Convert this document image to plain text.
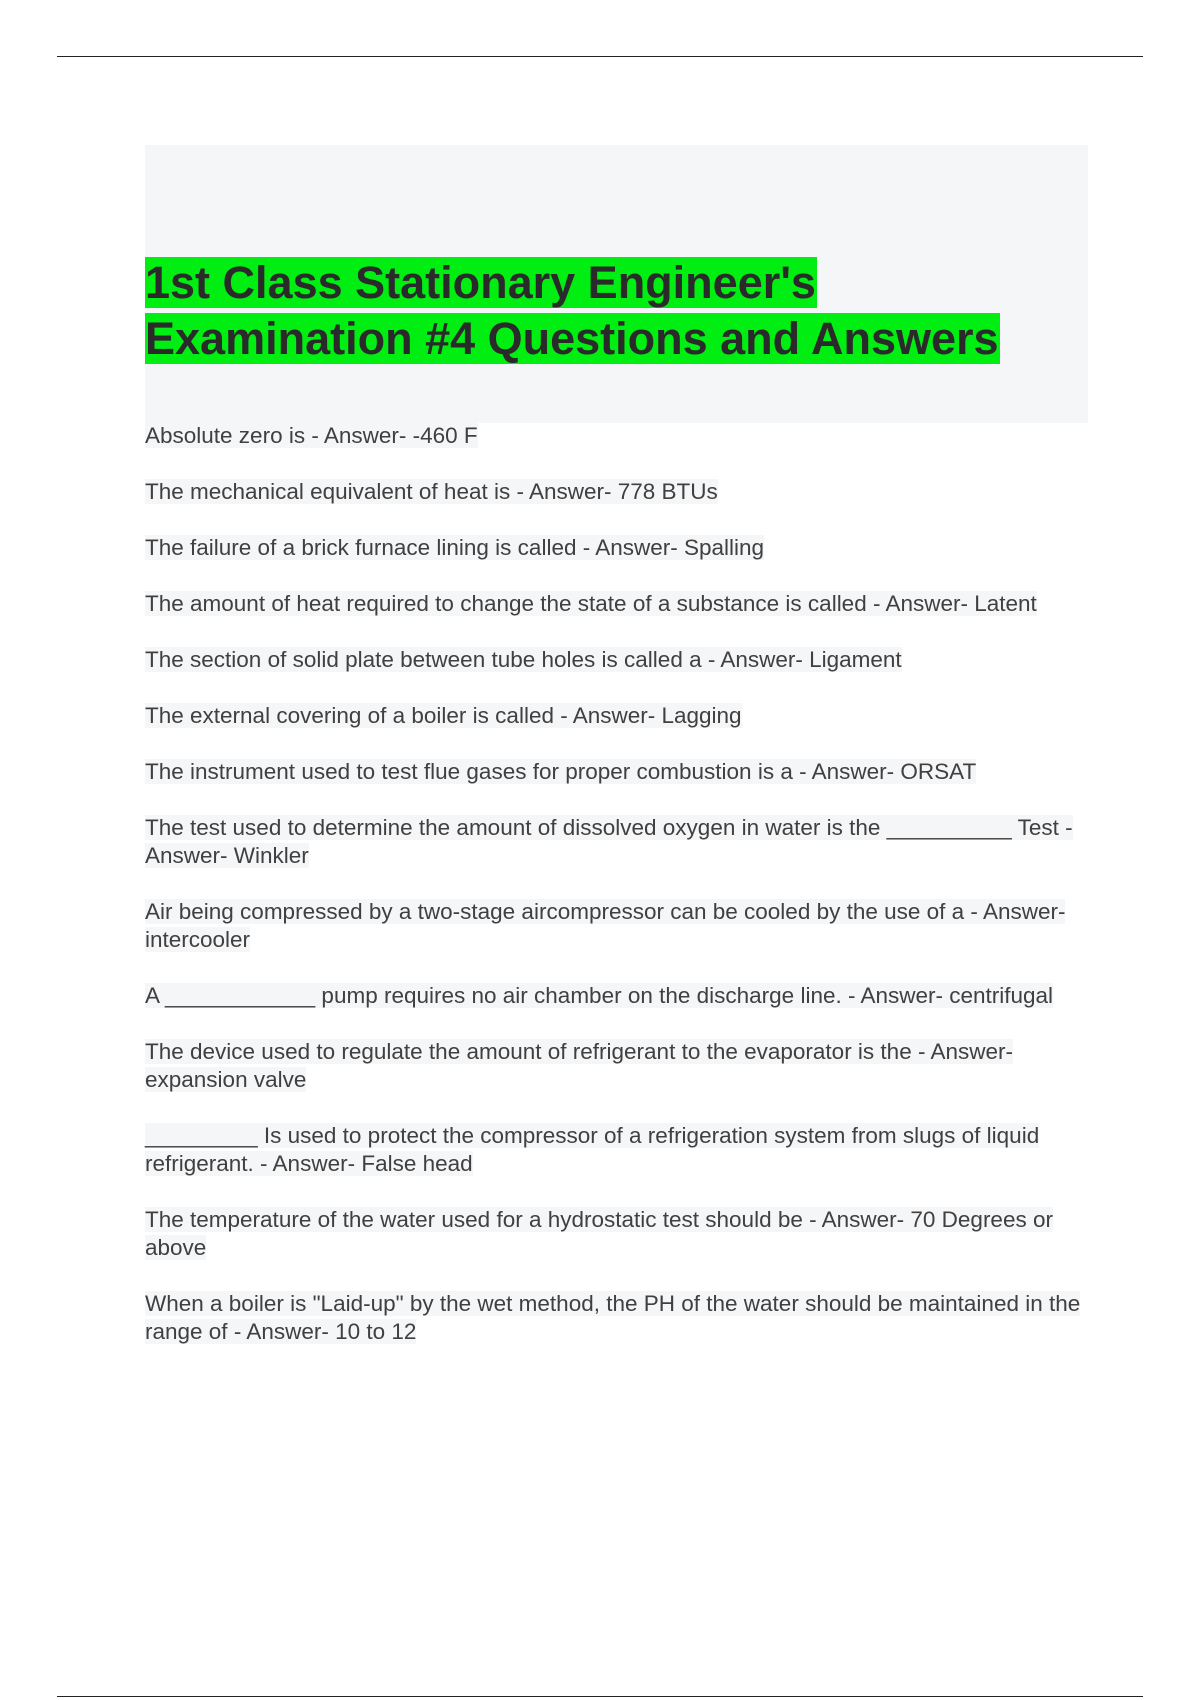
1st Class Stationary Engineer's
Examination #4 Questions and Answers
Absolute zero is - Answer- -460 F
The mechanical equivalent of heat is - Answer- 778 BTUs
The failure of a brick furnace lining is called - Answer- Spalling
The amount of heat required to change the state of a substance is called - Answer- Latent
The section of solid plate between tube holes is called a - Answer- Ligament
The external covering of a boiler is called - Answer- Lagging
The instrument used to test flue gases for proper combustion is a - Answer- ORSAT
The test used to determine the amount of dissolved oxygen in water is the __________ Test - Answer- Winkler
Air being compressed by a two-stage aircompressor can be cooled by the use of a - Answer- intercooler
A ____________ pump requires no air chamber on the discharge line. - Answer- centrifugal
The device used to regulate the amount of refrigerant to the evaporator is the - Answer- expansion valve
_________ Is used to protect the compressor of a refrigeration system from slugs of liquid refrigerant. - Answer- False head
The temperature of the water used for a hydrostatic test should be - Answer- 70 Degrees or above
When a boiler is "Laid-up" by the wet method, the PH of the water should be maintained in the range of - Answer- 10 to 12
